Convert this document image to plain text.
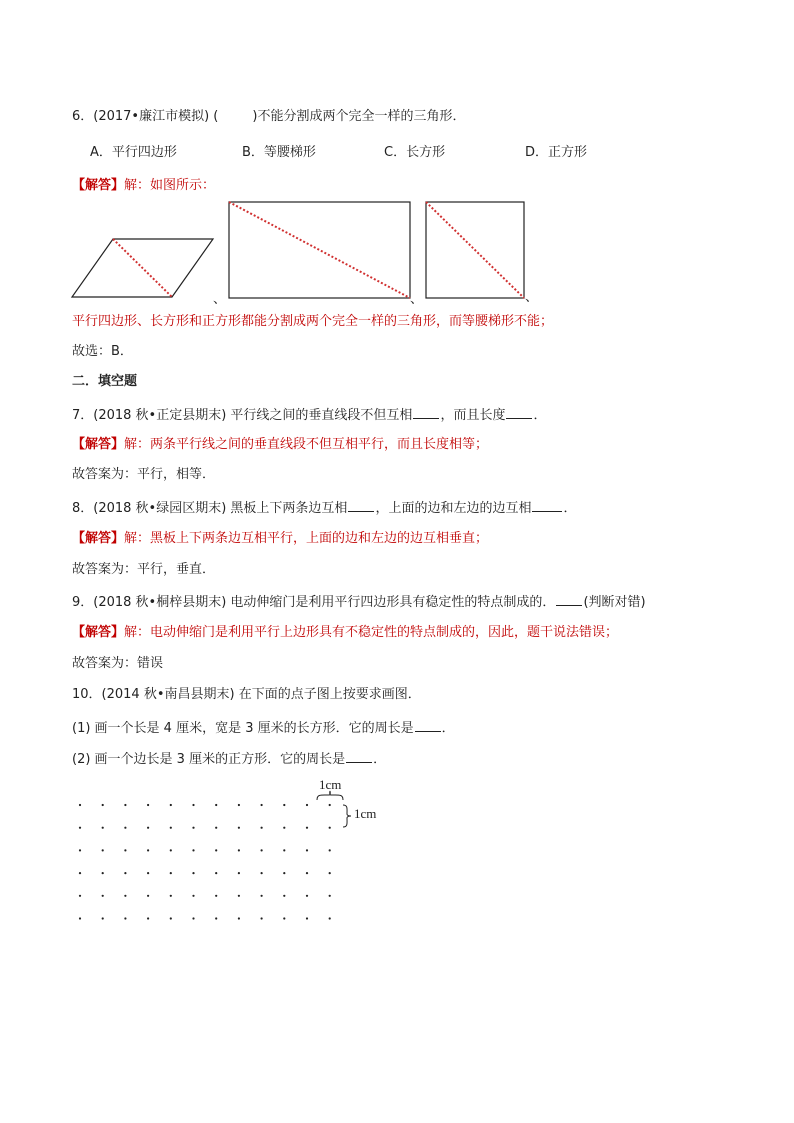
6．(2017•廉江市模拟) (	)不能分割成两个完全一样的三角形．
A．平行四边形	B．等腰梯形	C．长方形	D．正方形
【解答】解：如图所示：
、	、	、
平行四边形、长方形和正方形都能分割成两个完全一样的三角形，而等腰梯形不能；
故选：B．
二．填空题
7．(2018 秋•正定县期末) 平行线之间的垂直线段不但互相 ，而且长度 ．
【解答】解：两条平行线之间的垂直线段不但互相平行，而且长度相等；
故答案为：平行，相等．
8．(2018 秋•绿园区期末) 黑板上下两条边互相 ，上面的边和左边的边互相 ．
【解答】解：黑板上下两条边互相平行，上面的边和左边的边互相垂直；
故答案为：平行，垂直．
9．(2018 秋•桐梓县期末) 电动伸缩门是利用平行四边形具有稳定性的特点制成的． (判断对错)
【解答】解：电动伸缩门是利用平行上边形具有不稳定性的特点制成的，因此，题干说法错误；
故答案为：错误
10．(2014 秋•南昌县期末) 在下面的点子图上按要求画图．
(1) 画一个长是 4 厘米，宽是 3 厘米的长方形．它的周长是 ．
(2) 画一个边长是 3 厘米的正方形．它的周长是 ．
1cm
1cm
